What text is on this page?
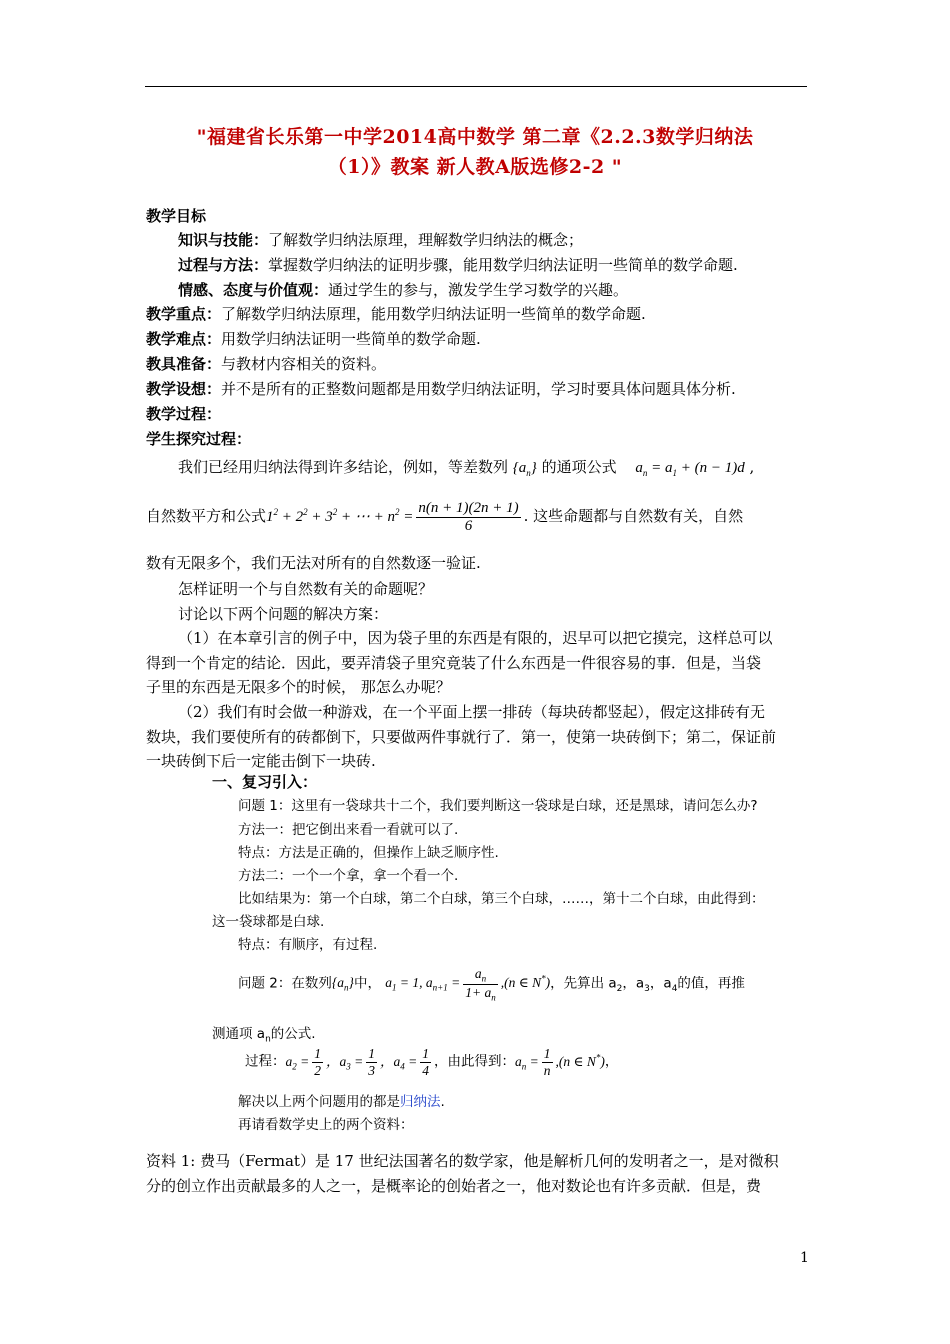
"福建省长乐第一中学2014高中数学 第二章《2.2.3数学归纳法
（1）》教案 新人教A版选修2-2 "
教学目标
知识与技能：了解数学归纳法原理，理解数学归纳法的概念；
过程与方法：掌握数学归纳法的证明步骤，能用数学归纳法证明一些简单的数学命题.
情感、态度与价值观：通过学生的参与，激发学生学习数学的兴趣。
教学重点：了解数学归纳法原理，能用数学归纳法证明一些简单的数学命题.
教学难点：用数学归纳法证明一些简单的数学命题.
教具准备：与教材内容相关的资料。
教学设想：并不是所有的正整数问题都是用数学归纳法证明，学习时要具体问题具体分析.
教学过程：
学生探究过程：
我们已经用归纳法得到许多结论，例如，等差数列 $\{a_n\}$ 的通项公式 $a_n = a_1 + (n - 1)d$ ,
自然数平方和公式$1^2 + 2^2 + 3^2$ + ⋯ + $n^2 = \frac{n(n + 1)(2n + 1)}{6}$ . 这些命题都与自然数有关，自然
数有无限多个，我们无法对所有的自然数逐一验证.
怎样证明一个与自然数有关的命题呢？
讨论以下两个问题的解决方案：
（1）在本章引言的例子中，因为袋子里的东西是有限的，迟早可以把它摸完，这样总可以
得到一个肯定的结论．因此，要弄清袋子里究竟装了什么东西是一件很容易的事．但是，当袋
子里的东西是无限多个的时候， 那怎么办呢？
（2）我们有时会做一种游戏，在一个平面上摆一排砖（每块砖都竖起），假定这排砖有无
数块，我们要使所有的砖都倒下，只要做两件事就行了．第一，使第一块砖倒下；第二，保证前
一块砖倒下后一定能击倒下一块砖.
一、复习引入：
问题 1：这里有一袋球共十二个，我们要判断这一袋球是白球，还是黑球，请问怎么办?
方法一：把它倒出来看一看就可以了.
特点：方法是正确的，但操作上缺乏顺序性.
方法二：一个一个拿，拿一个看一个.
比如结果为：第一个白球，第二个白球，第三个白球，……，第十二个白球，由此得到：
这一袋球都是白球.
特点：有顺序，有过程.
问题 2：在数列$\{a_n\}$中， $a_1 = 1$, $a_{n+1} = \frac{a_n}{1+ a_n} ,(n$ ∈ N*)，先算出 $a_2$，$a_3$，$a_4$的值，再推
测通项 $a_n$的公式.
过程：$a_2 = \frac{1}{2}$ ，$a_3 = \frac{1}{3}$ ，$a_4 = \frac{1}{4}$ ，由此得到：$a_n = \frac{1}{n} ,(n$ ∈ N*)，
解决以上两个问题用的都是归纳法.
再请看数学史上的两个资料：
资料 1: 费马（Fermat）是 17 世纪法国著名的数学家，他是解析几何的发明者之一，是对微积
分的创立作出贡献最多的人之一，是概率论的创始者之一，他对数论也有许多贡献．但是，费
1
